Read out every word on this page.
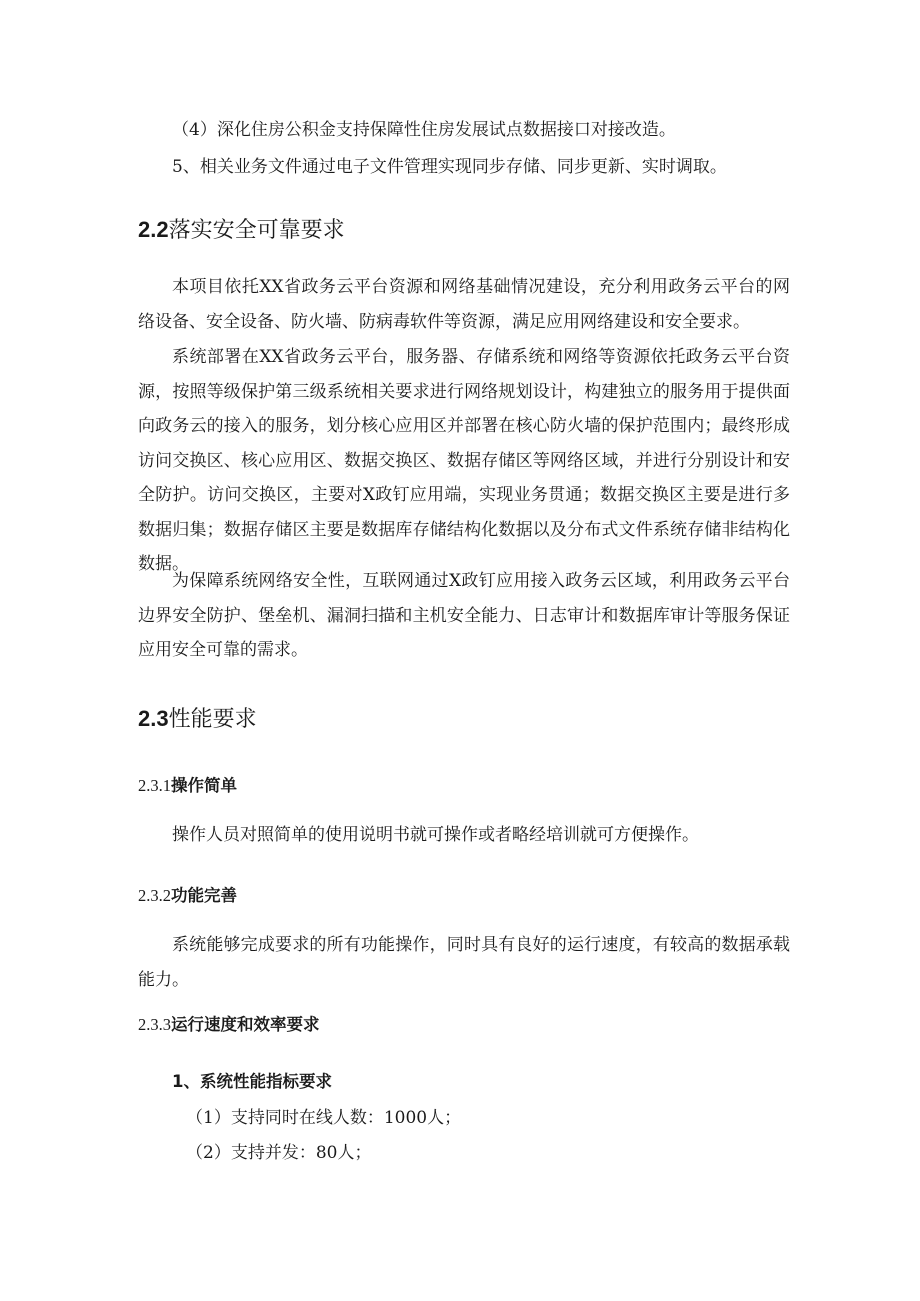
（4）深化住房公积金支持保障性住房发展试点数据接口对接改造。

5、相关业务文件通过电子文件管理实现同步存储、同步更新、实时调取。

2.2落实安全可靠要求

本项目依托XX省政务云平台资源和网络基础情况建设，充分利用政务云平台的网络设备、安全设备、防火墙、防病毒软件等资源，满足应用网络建设和安全要求。

系统部署在XX省政务云平台，服务器、存储系统和网络等资源依托政务云平台资源，按照等级保护第三级系统相关要求进行网络规划设计，构建独立的服务用于提供面向政务云的接入的服务，划分核心应用区并部署在核心防火墙的保护范围内；最终形成访问交换区、核心应用区、数据交换区、数据存储区等网络区域，并进行分别设计和安全防护。访问交换区，主要对X政钉应用端，实现业务贯通；数据交换区主要是进行多数据归集；数据存储区主要是数据库存储结构化数据以及分布式文件系统存储非结构化数据。

为保障系统网络安全性，互联网通过X政钉应用接入政务云区域，利用政务云平台边界安全防护、堡垒机、漏洞扫描和主机安全能力、日志审计和数据库审计等服务保证应用安全可靠的需求。

2.3性能要求
2.3.1操作简单

操作人员对照简单的使用说明书就可操作或者略经培训就可方便操作。

2.3.2功能完善

系统能够完成要求的所有功能操作，同时具有良好的运行速度，有较高的数据承载能力。

2.3.3运行速度和效率要求

1、系统性能指标要求

（1）支持同时在线人数：1000人；

（2）支持并发：80人；
